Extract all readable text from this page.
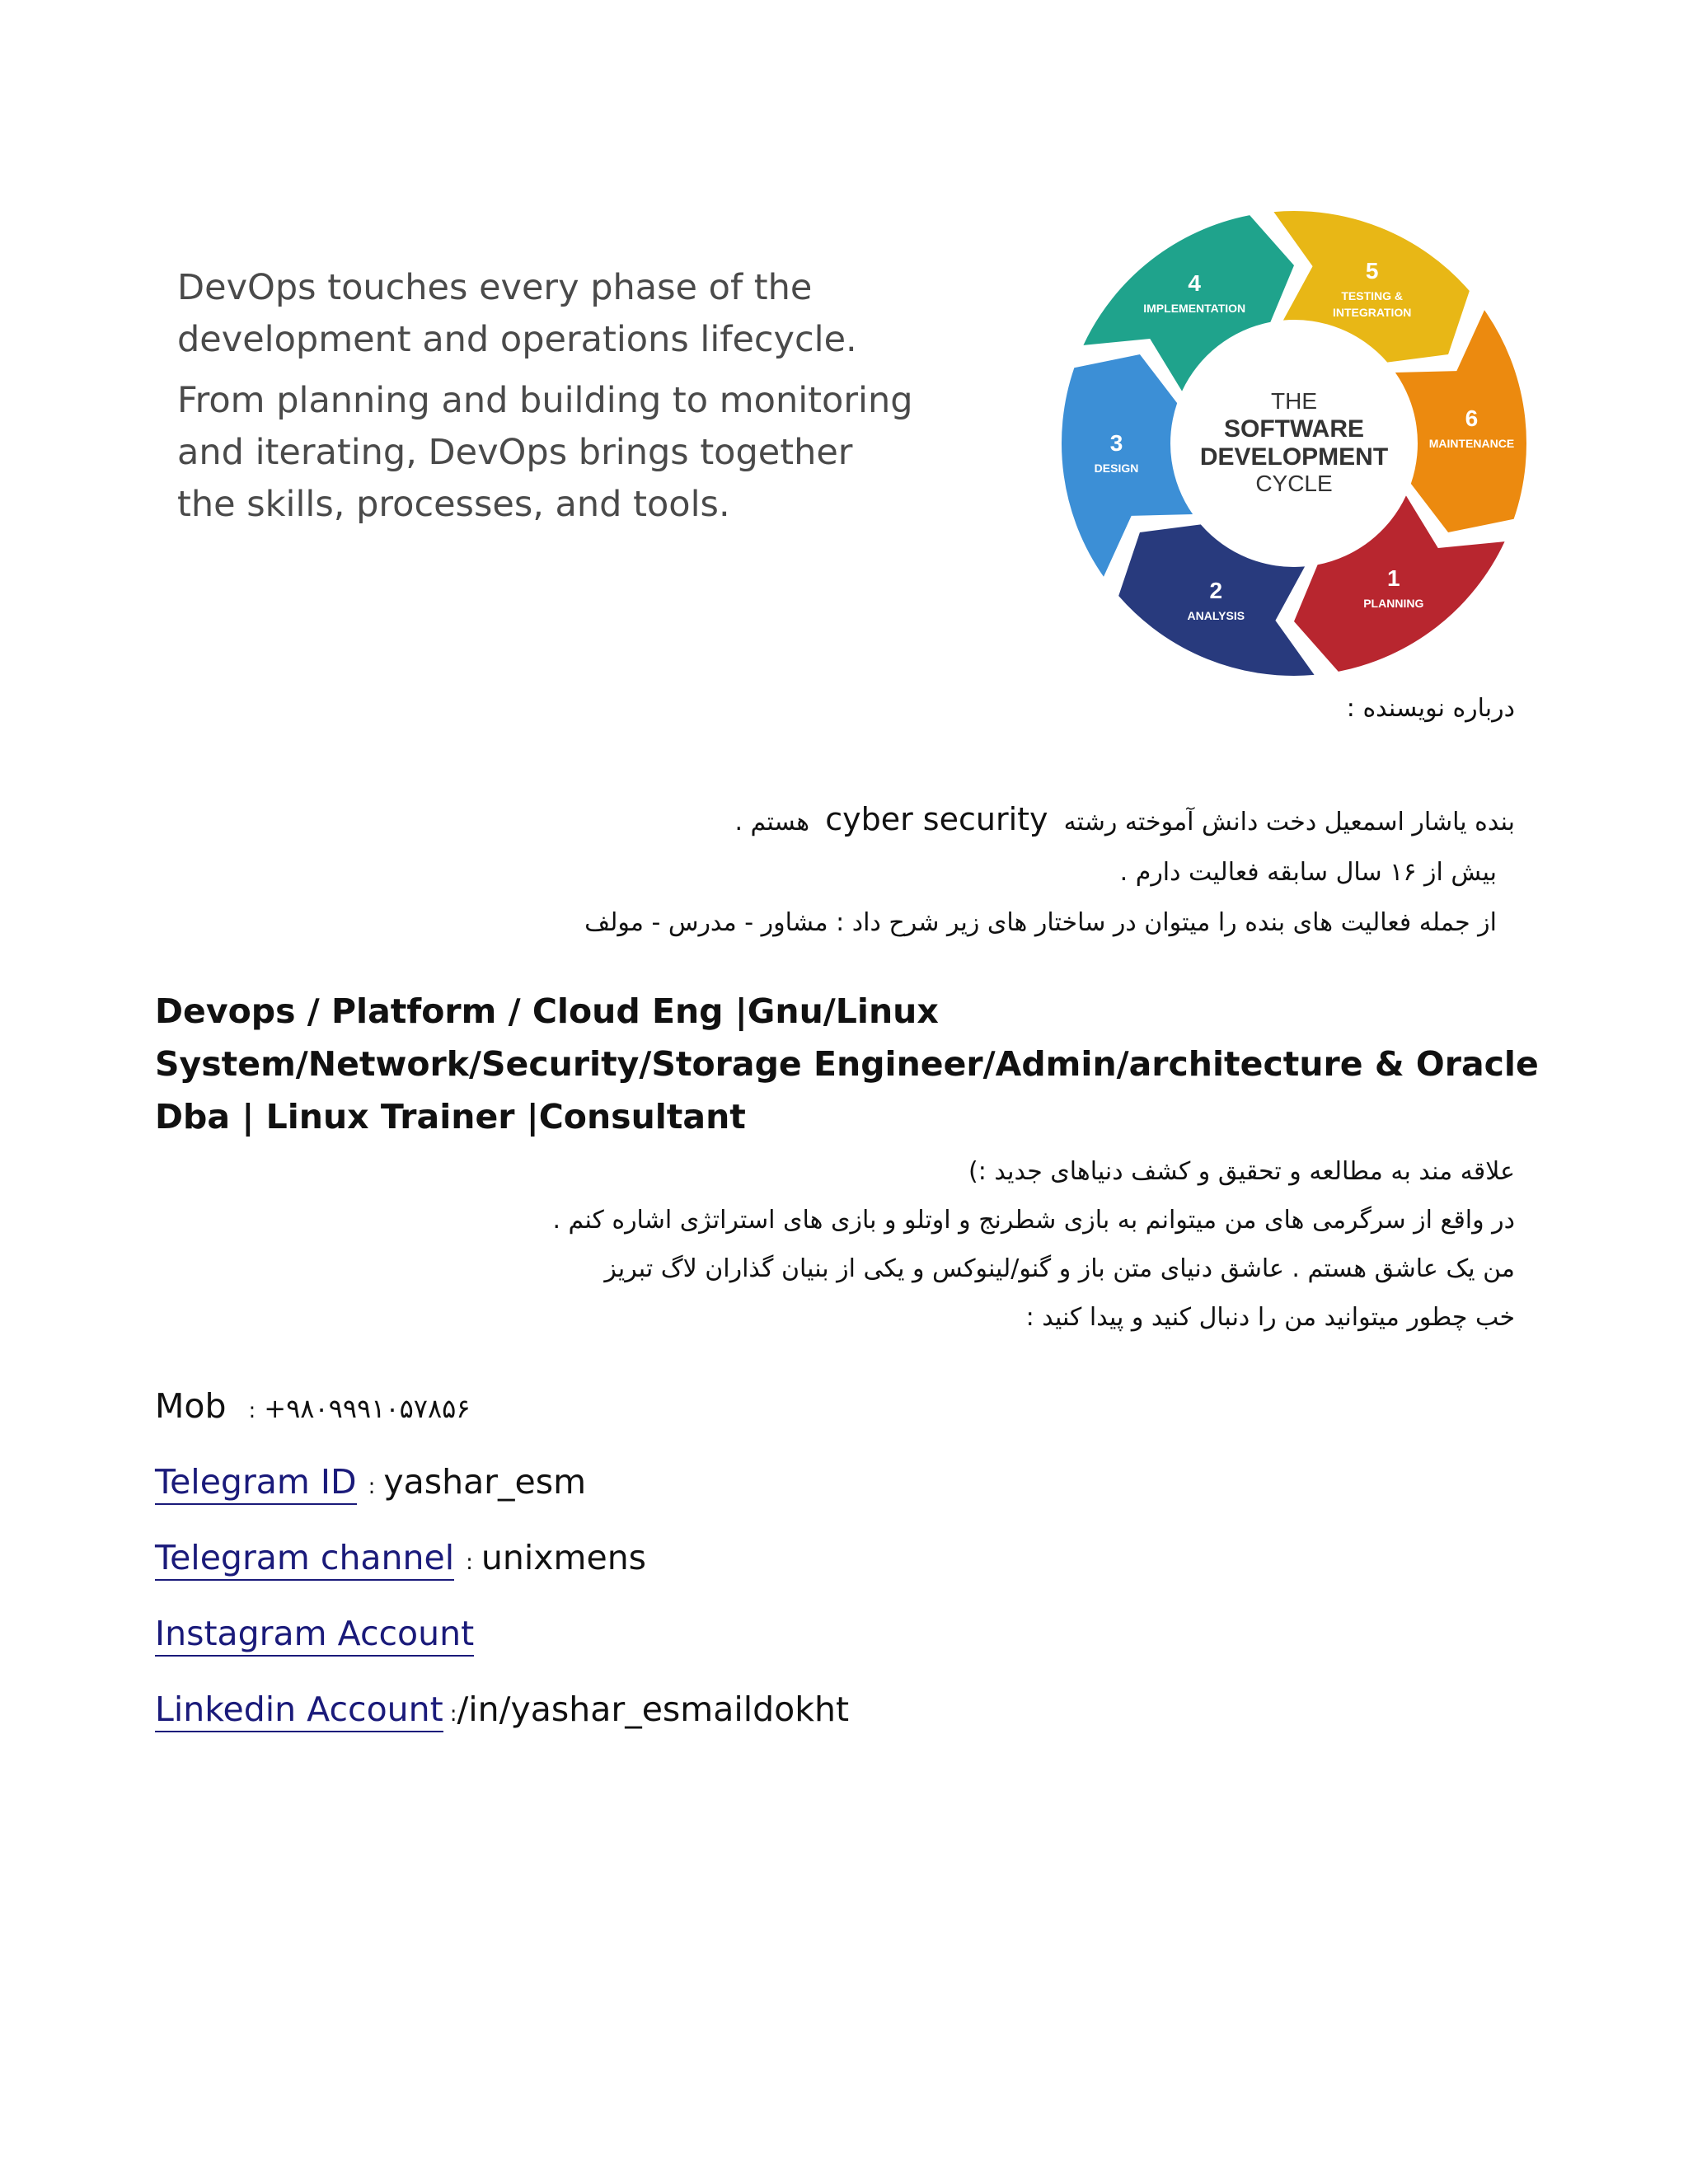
DevOps touches every phase of the development and operations lifecycle.

From planning and building to monitoring and iterating, DevOps brings together the skills, processes, and tools.

THE
SOFTWARE
DEVELOPMENT
CYCLE
1
PLANNING
2
ANALYSIS
3
DESIGN
4
IMPLEMENTATION
5
TESTING &
INTEGRATION
6
MAINTENANCE
درباره نویسنده :
بنده یاشار اسمعیل دخت دانش آموخته رشته  cyber security  هستم .
بیش از ۱۶ سال سابقه فعالیت دارم .
از جمله فعالیت های بنده را میتوان در ساختار های زیر شرح داد : مشاور - مدرس - مولف
Devops / Platform / Cloud Eng |Gnu/Linux System/Network/Security/Storage Engineer/Admin/architecture & Oracle Dba | Linux Trainer |Consultant
علاقه مند به مطالعه و تحقیق و کشف دنیاهای جدید :)
در واقع از سرگرمی های من میتوانم به بازی شطرنج و اوتلو و بازی های استراتژی اشاره کنم .
من یک عاشق هستم . عاشق دنیای متن باز و گنو/لینوکس و یکی از بنیان گذاران لاگ تبریز
خب چطور میتوانید من را دنبال کنید و پیدا کنید :
Mob : +۹۸۰۹۹۹۱۰۵۷۸۵۶
Telegram ID : yashar_esm
Telegram channel : unixmens
Instagram Account
Linkedin Account :/in/yashar_esmaildokht
